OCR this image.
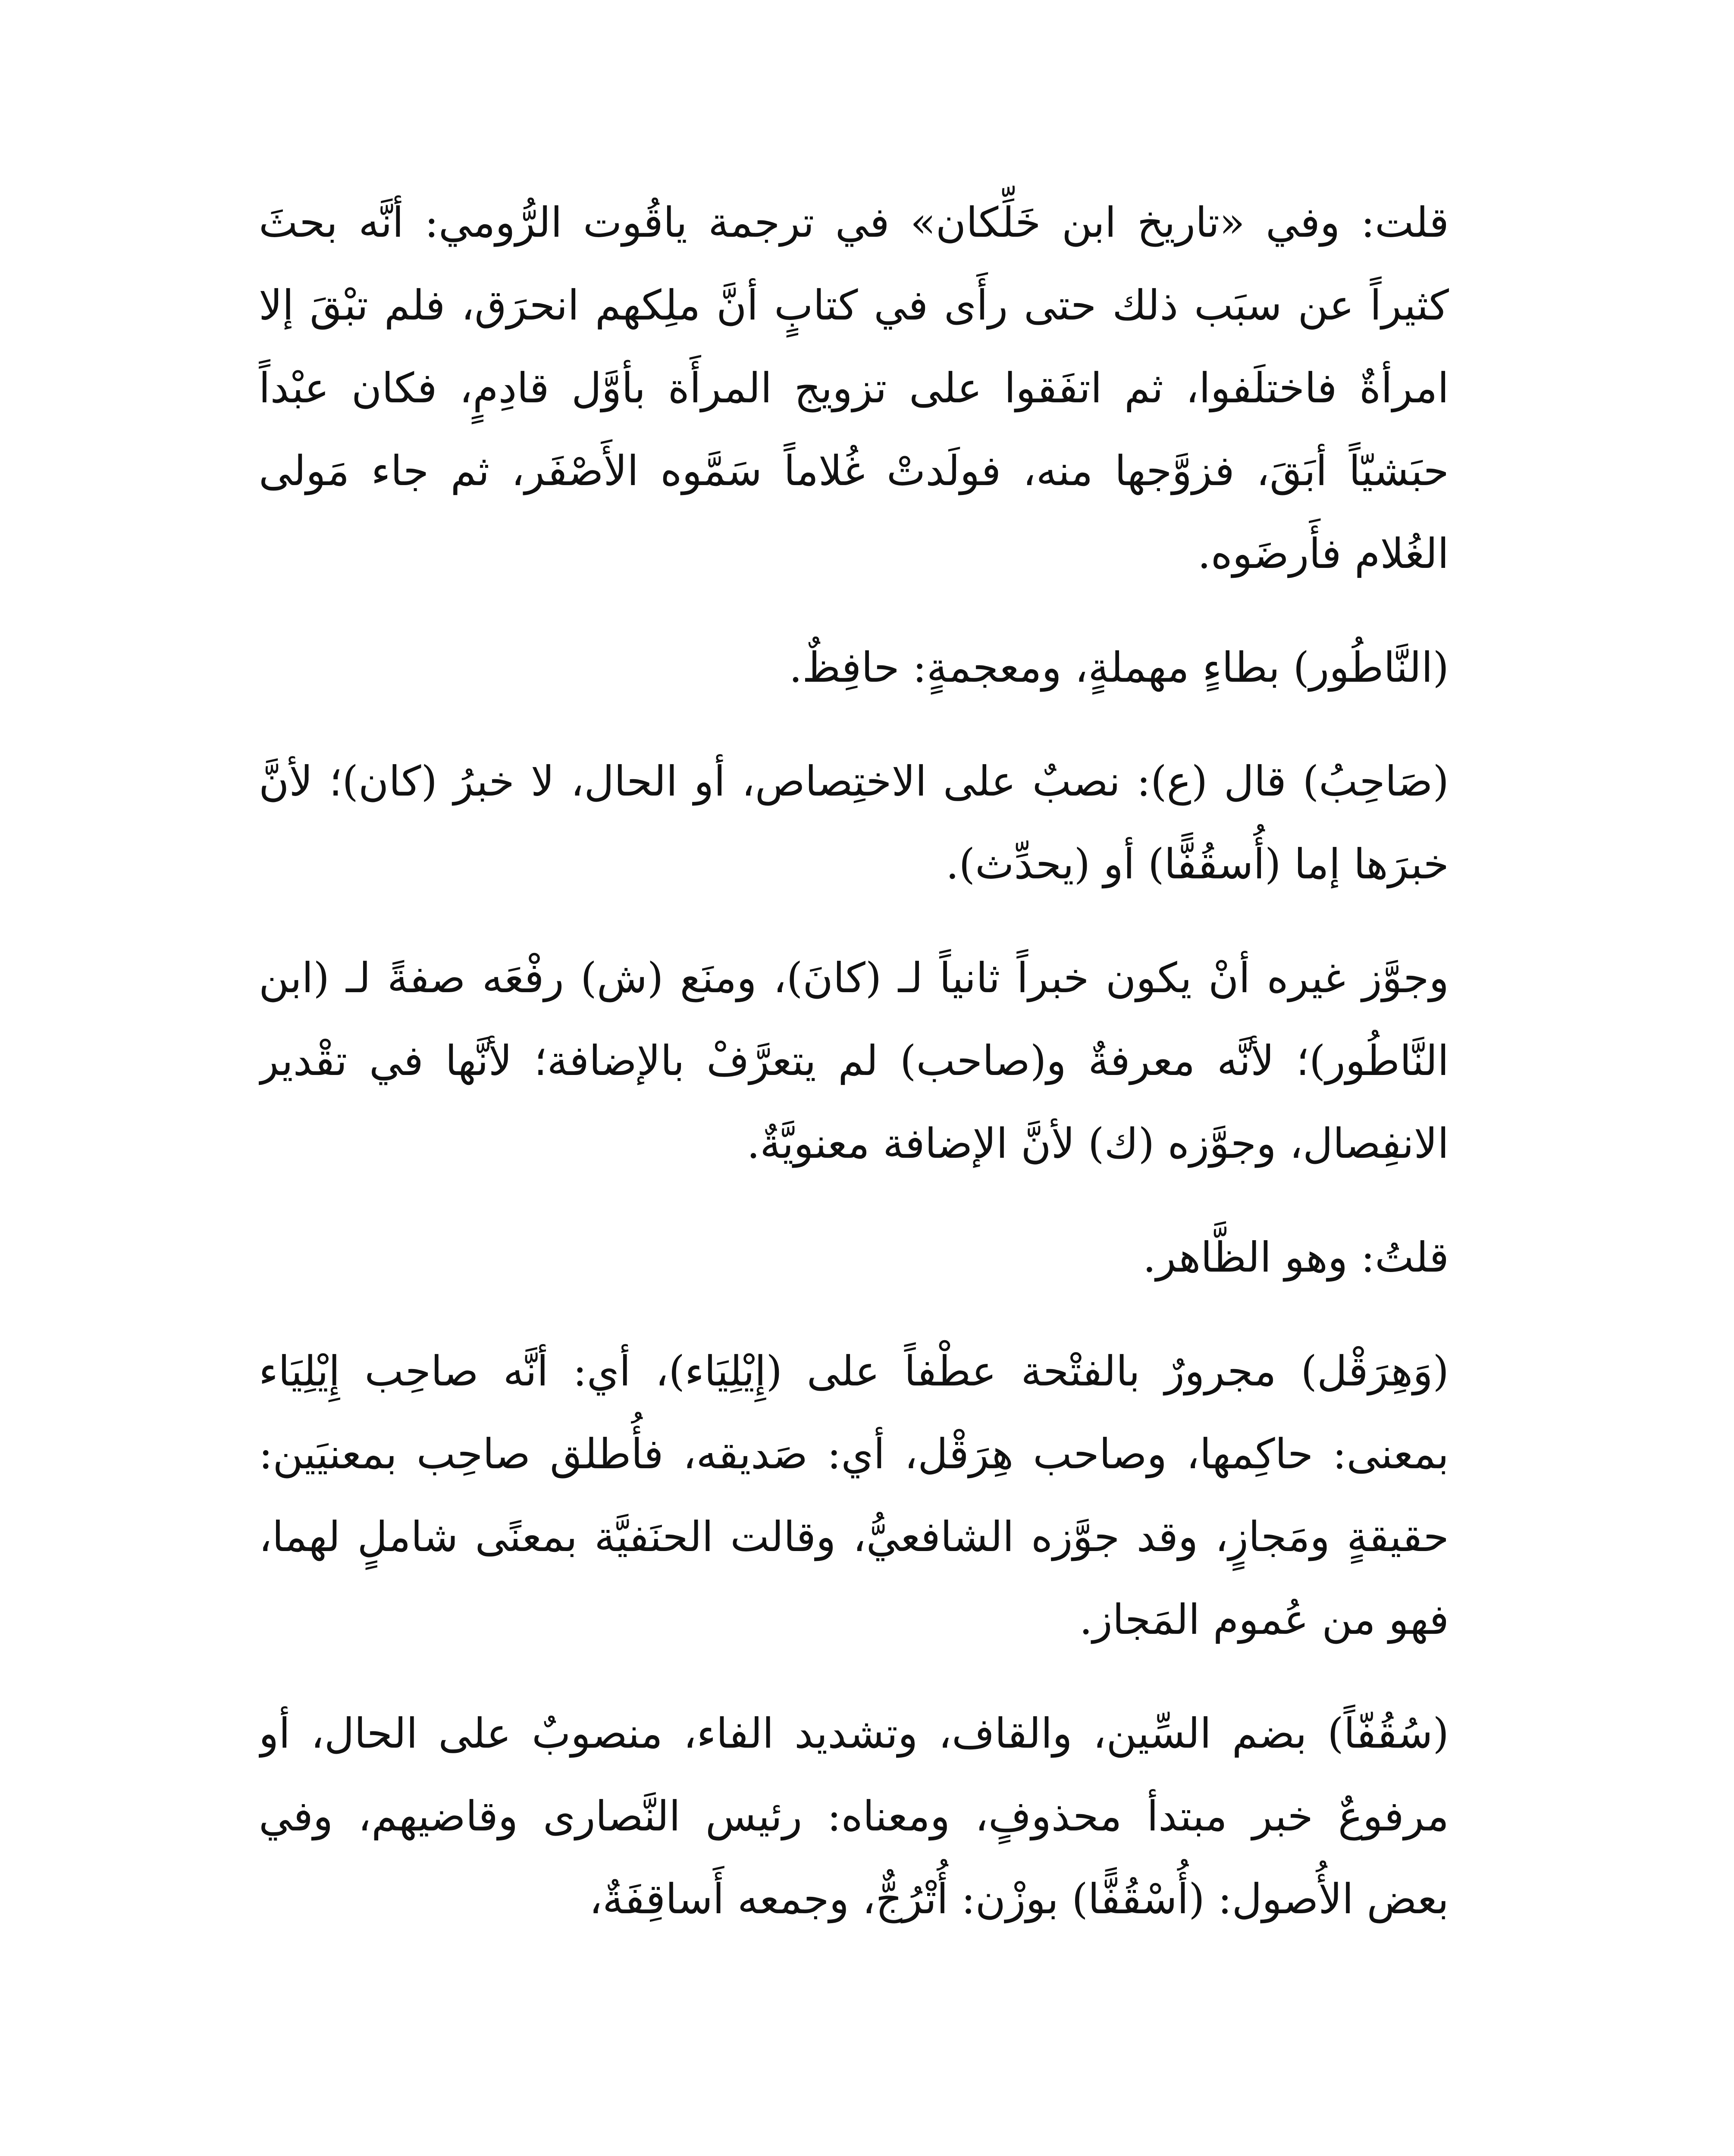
قلت: وفي «تاريخ ابن خَلِّكان» في ترجمة ياقُوت الرُّومي: أنَّه بحثَ كثيراً عن سبَب ذلك حتى رأَى في كتابٍ أنَّ ملِكهم انحرَق، فلم تبْقَ إلا امرأةٌ فاختلَفوا، ثم اتفَقوا على تزويج المرأَة بأوَّل قادِمٍ، فكان عبْداً حبَشيّاً أبَقَ، فزوَّجها منه، فولَدتْ غُلاماً سَمَّوه الأَصْفَر، ثم جاء مَولى الغُلام فأَرضَوه.

(النَّاطُور) بطاءٍ مهملةٍ، ومعجمةٍ: حافِظٌ.

(صَاحِبُ) قال (ع): نصبٌ على الاختِصاص، أو الحال، لا خبرُ (كان)؛ لأنَّ خبرَها إما (أُسقُفًّا) أو (يحدِّث).

وجوَّز غيره أنْ يكون خبراً ثانياً لـ (كانَ)، ومنَع (ش) رفْعَه صفةً لـ (ابن النَّاطُور)؛ لأنَّه معرفةٌ و(صاحب) لم يتعرَّفْ بالإضافة؛ لأنَّها في تقْدير الانفِصال، وجوَّزه (ك) لأنَّ الإضافة معنويَّةٌ.

قلتُ: وهو الظَّاهر.

(وَهِرَقْل) مجرورٌ بالفتْحة عطْفاً على (إِيْلِيَاء)، أي: أنَّه صاحِب إِيْلِيَاء بمعنى: حاكِمها، وصاحب هِرَقْل، أي: صَديقه، فأُطلق صاحِب بمعنيَين: حقيقةٍ ومَجازٍ، وقد جوَّزه الشافعيُّ، وقالت الحنَفيَّة بمعنًى شاملٍ لهما، فهو من عُموم المَجاز.

(سُقُفّاً) بضم السِّين، والقاف، وتشديد الفاء، منصوبٌ على الحال، أو مرفوعٌ خبر مبتدأ محذوفٍ، ومعناه: رئيس النَّصارى وقاضيهم، وفي بعض الأُصول: (أُسْقُفًّا) بوزْن: أُتْرُجٌّ، وجمعه أَساقِفَةٌ،
